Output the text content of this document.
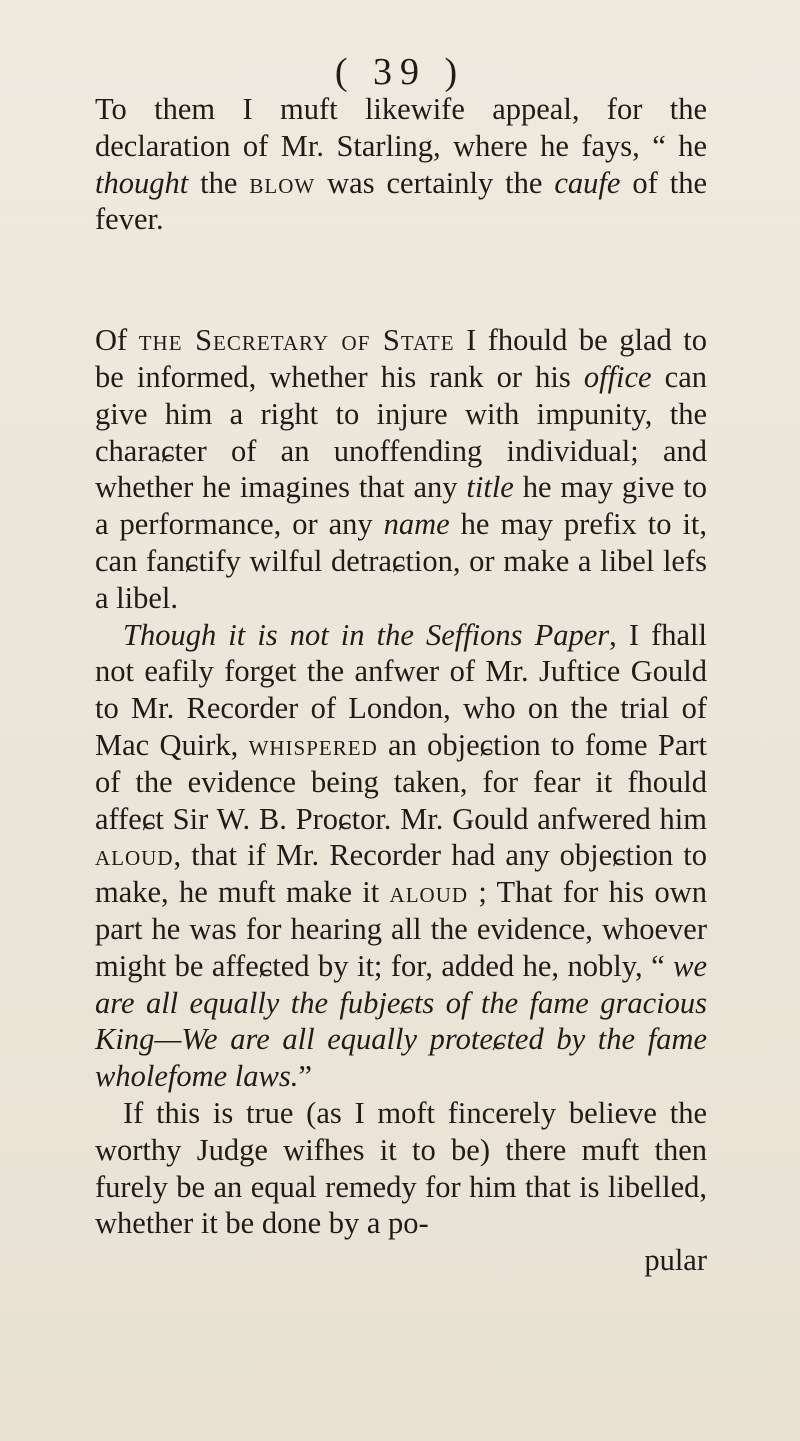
( 39 )

To them I muft likewife appeal, for the declaration of Mr. Starling, where he fays, “ he thought the blow was certainly the caufe of the fever.

Of the Secretary of State I fhould be glad to be informed, whether his rank or his office can give him a right to injure with impunity, the charaɕter of an unoffending individual; and whether he imagines that any title he may give to a performance, or any name he may prefix to it, can fanɕtify wilful detraɕtion, or make a libel lefs a libel.

Though it is not in the Seffions Paper, I fhall not eafily forget the anfwer of Mr. Juftice Gould to Mr. Recorder of London, who on the trial of Mac Quirk, whispered an objeɕtion to fome Part of the evidence being taken, for fear it fhould affeɕt Sir W. B. Proɕtor. Mr. Gould anfwered him aloud, that if Mr. Recorder had any objeɕtion to make, he muft make it aloud ; That for his own part he was for hearing all the evidence, whoever might be affeɕted by it; for, added he, nobly, “ we are all equally the fubjeɕts of the fame gracious King—We are all equally proteɕted by the fame wholefome laws.”

If this is true (as I moft fincerely believe the worthy Judge wifhes it to be) there muft then furely be an equal remedy for him that is libelled, whether it be done by a po-

pular
